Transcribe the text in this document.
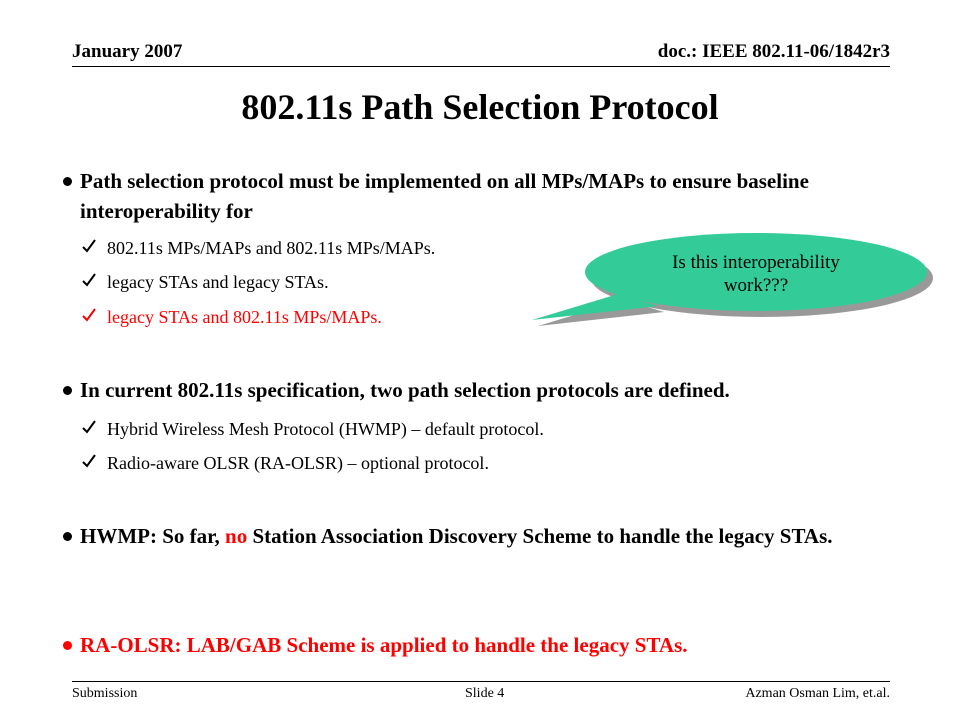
January 2007	doc.: IEEE 802.11-06/1842r3
802.11s Path Selection Protocol
Path selection protocol must be implemented on all MPs/MAPs to ensure baseline interoperability for
802.11s MPs/MAPs and 802.11s MPs/MAPs.
legacy STAs and legacy STAs.
legacy STAs and 802.11s MPs/MAPs.
Is this interoperability
work???
In current 802.11s specification, two path selection protocols are defined.
Hybrid Wireless Mesh Protocol (HWMP) – default protocol.
Radio-aware OLSR (RA-OLSR) – optional protocol.
HWMP: So far, no Station Association Discovery Scheme to handle the legacy STAs.
RA-OLSR: LAB/GAB Scheme is applied to handle the legacy STAs.
Submission	Slide 4	Azman Osman Lim, et.al.
